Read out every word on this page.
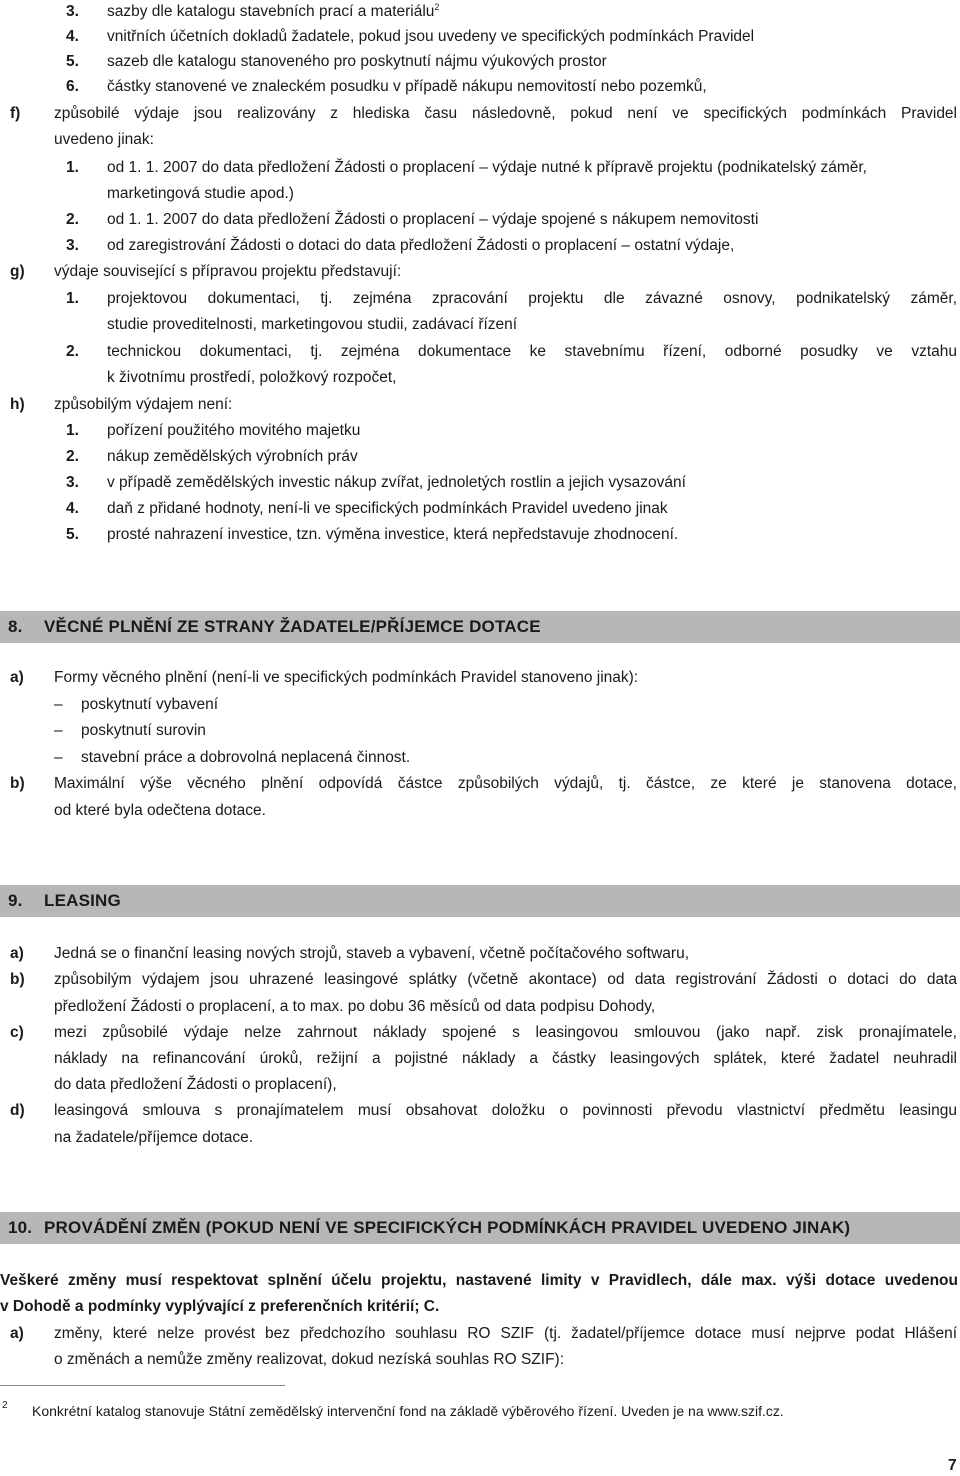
3. sazby dle katalogu stavebních prací a materiálu$^2$
4. vnitřních účetních dokladů žadatele, pokud jsou uvedeny ve specifických podmínkách Pravidel
5. sazeb dle katalogu stanoveného pro poskytnutí nájmu výukových prostor
6. částky stanovené ve znaleckém posudku v případě nákupu nemovitostí nebo pozemků,
f) způsobilé výdaje jsou realizovány z hlediska času následovně, pokud není ve specifických podmínkách Pravidel
uvedeno jinak:
1. od 1. 1. 2007 do data předložení Žádosti o proplacení – výdaje nutné k přípravě projektu (podnikatelský záměr,
marketingová studie apod.)
2. od 1. 1. 2007 do data předložení Žádosti o proplacení – výdaje spojené s nákupem nemovitosti
3. od zaregistrování Žádosti o dotaci do data předložení Žádosti o proplacení – ostatní výdaje,
g) výdaje související s přípravou projektu představují:
1. projektovou dokumentaci, tj. zejména zpracování projektu dle závazné osnovy, podnikatelský záměr,
studie proveditelnosti, marketingovou studii, zadávací řízení
2. technickou dokumentaci, tj. zejména dokumentace ke stavebnímu řízení, odborné posudky ve vztahu
k životnímu prostředí, položkový rozpočet,
h) způsobilým výdajem není:
1. pořízení použitého movitého majetku
2. nákup zemědělských výrobních práv
3. v případě zemědělských investic nákup zvířat, jednoletých rostlin a jejich vysazování
4. daň z přidané hodnoty, není-li ve specifických podmínkách Pravidel uvedeno jinak
5. prosté nahrazení investice, tzn. výměna investice, která nepředstavuje zhodnocení.
8. VĚCNÉ PLNĚNÍ ZE STRANY ŽADATELE/PŘÍJEMCE DOTACE
a) Formy věcného plnění (není-li ve specifických podmínkách Pravidel stanoveno jinak):
– poskytnutí vybavení
– poskytnutí surovin
– stavební práce a dobrovolná neplacená činnost.
b) Maximální výše věcného plnění odpovídá částce způsobilých výdajů, tj. částce, ze které je stanovena dotace,
od které byla odečtena dotace.
9. LEASING
a) Jedná se o finanční leasing nových strojů, staveb a vybavení, včetně počítačového softwaru,
b) způsobilým výdajem jsou uhrazené leasingové splátky (včetně akontace) od data registrování Žádosti o dotaci do data
předložení Žádosti o proplacení, a to max. po dobu 36 měsíců od data podpisu Dohody,
c) mezi způsobilé výdaje nelze zahrnout náklady spojené s leasingovou smlouvou (jako např. zisk pronajímatele,
náklady na refinancování úroků, režijní a pojistné náklady a částky leasingových splátek, které žadatel neuhradil
do data předložení Žádosti o proplacení),
d) leasingová smlouva s pronajímatelem musí obsahovat doložku o povinnosti převodu vlastnictví předmětu leasingu
na žadatele/příjemce dotace.
10. PROVÁDĚNÍ ZMĚN (POKUD NENÍ VE SPECIFICKÝCH PODMÍNKÁCH PRAVIDEL UVEDENO JINAK)
Veškeré změny musí respektovat splnění účelu projektu, nastavené limity v Pravidlech, dále max. výši dotace uvedenou
v Dohodě a podmínky vyplývající z preferenčních kritérií; C.
a) změny, které nelze provést bez předchozího souhlasu RO SZIF (tj. žadatel/příjemce dotace musí nejprve podat Hlášení
o změnách a nemůže změny realizovat, dokud nezíská souhlas RO SZIF):
2 Konkrétní katalog stanovuje Státní zemědělský intervenční fond na základě výběrového řízení. Uveden je na www.szif.cz.
7
